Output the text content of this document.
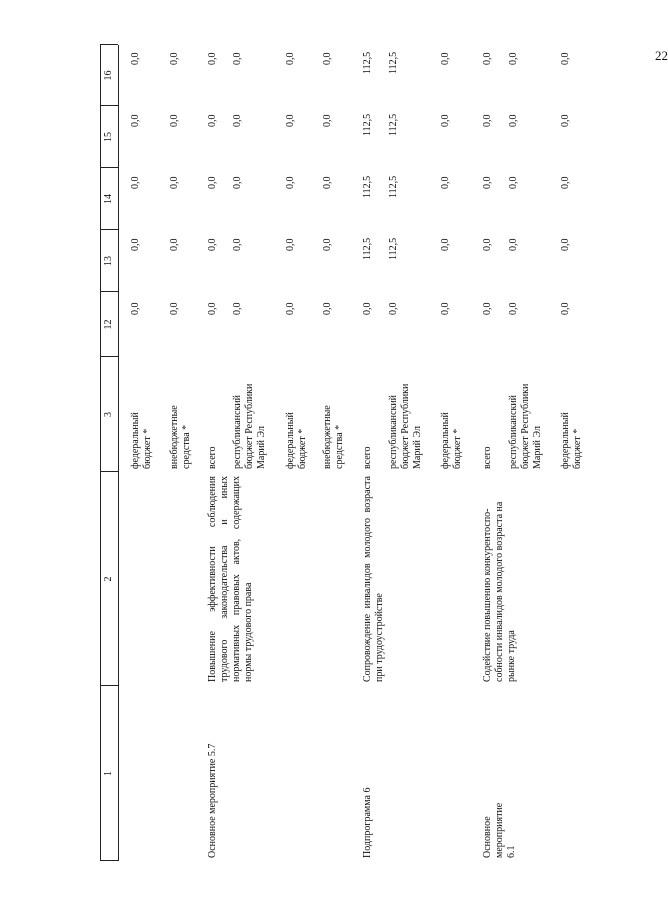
22
1
2
3
12
13
14
15
16
федеральный бюджет *
0,0
0,0
0,0
0,0
0,0
внебюджетные средства *
0,0
0,0
0,0
0,0
0,0
Основное мероприятие 5.7
Повышение эффективности соблюдения трудового законодательства и иных нормативных правовых актов, содержащих нормы трудового права
всего
0,0
0,0
0,0
0,0
0,0
республиканский бюджет Республики Марий Эл
0,0
0,0
0,0
0,0
0,0
федеральный бюджет *
0,0
0,0
0,0
0,0
0,0
внебюджетные средства *
0,0
0,0
0,0
0,0
0,0
Подпрограмма 6
Сопровождение инвалидов молодого возраста при трудоустройстве
всего
0,0
112,5
112,5
112,5
112,5
республиканский бюджет Республики Марий Эл
0,0
112,5
112,5
112,5
112,5
федеральный бюджет *
0,0
0,0
0,0
0,0
0,0
Основное мероприятие 6.1
Содействие повышению конкурентоспо-собности инвалидов молодого возраста на рынке труда
всего
0,0
0,0
0,0
0,0
0,0
республиканский бюджет Республики Марий Эл
0,0
0,0
0,0
0,0
0,0
федеральный бюджет *
0,0
0,0
0,0
0,0
0,0
